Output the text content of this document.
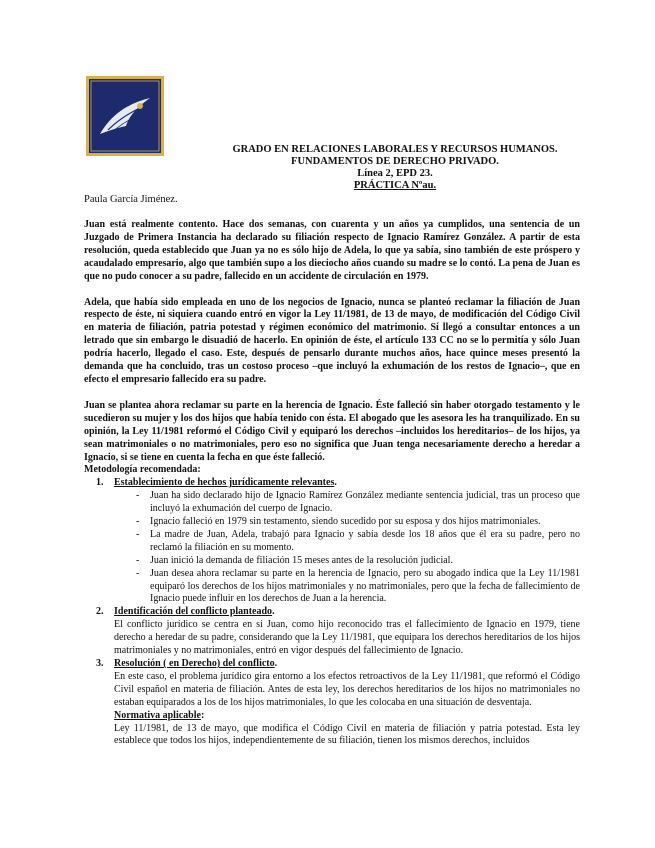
GRADO EN RELACIONES LABORALES Y RECURSOS HUMANOS.
FUNDAMENTOS DE DERECHO PRIVADO.
Línea 2, EPD 23.
PRÁCTICA Nºau.
Paula García Jiménez.

Juan está realmente contento. Hace dos semanas, con cuarenta y un años ya cumplidos, una sentencia de un Juzgado de Primera Instancia ha declarado su filiación respecto de Ignacio Ramírez González. A partir de esta resolución, queda establecido que Juan ya no es sólo hijo de Adela, lo que ya sabía, sino también de este próspero y acaudalado empresario, algo que también supo a los dieciocho años cuando su madre se lo contó. La pena de Juan es que no pudo conocer a su padre, fallecido en un accidente de circulación en 1979.

Adela, que había sido empleada en uno de los negocios de Ignacio, nunca se planteó reclamar la filiación de Juan respecto de éste, ni siquiera cuando entró en vigor la Ley 11/1981, de 13 de mayo, de modificación del Código Civil en materia de filiación, patria potestad y régimen económico del matrimonio. Sí llegó a consultar entonces a un letrado que sin embargo le disuadió de hacerlo. En opinión de éste, el artículo 133 CC no se lo permitía y sólo Juan podría hacerlo, llegado el caso. Este, después de pensarlo durante muchos años, hace quince meses presentó la demanda que ha concluido, tras un costoso proceso –que incluyó la exhumación de los restos de Ignacio–, que en efecto el empresario fallecido era su padre.

Juan se plantea ahora reclamar su parte en la herencia de Ignacio. Éste falleció sin haber otorgado testamento y le sucedieron su mujer y los dos hijos que había tenido con ésta. El abogado que les asesora les ha tranquilizado. En su opinión, la Ley 11/1981 reformó el Código Civil y equiparó los derechos –incluidos los hereditarios– de los hijos, ya sean matrimoniales o no matrimoniales, pero eso no significa que Juan tenga necesariamente derecho a heredar a Ignacio, si se tiene en cuenta la fecha en que éste falleció.

Metodología recomendada:
1. Establecimiento de hechos jurídicamente relevantes.
- Juan ha sido declarado hijo de Ignacio Ramírez González mediante sentencia judicial, tras un proceso que incluyó la exhumación del cuerpo de Ignacio.
- Ignacio falleció en 1979 sin testamento, siendo sucedido por su esposa y dos hijos matrimoniales.
- La madre de Juan, Adela, trabajó para Ignacio y sabía desde los 18 años que él era su padre, pero no reclamó la filiación en su momento.
- Juan inició la demanda de filiación 15 meses antes de la resolución judicial.
- Juan desea ahora reclamar su parte en la herencia de Ignacio, pero su abogado indica que la Ley 11/1981 equiparó los derechos de los hijos matrimoniales y no matrimoniales, pero que la fecha de fallecimiento de Ignacio puede influir en los derechos de Juan a la herencia.
2. Identificación del conflicto planteado.
El conflicto jurídico se centra en si Juan, como hijo reconocido tras el fallecimiento de Ignacio en 1979, tiene derecho a heredar de su padre, considerando que la Ley 11/1981, que equipara los derechos hereditarios de los hijos matrimoniales y no matrimoniales, entró en vigor después del fallecimiento de Ignacio.
3. Resolución ( en Derecho) del conflicto.
En este caso, el problema jurídico gira entorno a los efectos retroactivos de la Ley 11/1981, que reformó el Código Civil español en materia de filiación. Antes de esta ley, los derechos hereditarios de los hijos no matrimoniales no estaban equiparados a los de los hijos matrimoniales, lo que les colocaba en una situación de desventaja.
Normativa aplicable:
Ley 11/1981, de 13 de mayo, que modifica el Código Civil en materia de filiación y patria potestad. Esta ley establece que todos los hijos, independientemente de su filiación, tienen los mismos derechos, incluidos
